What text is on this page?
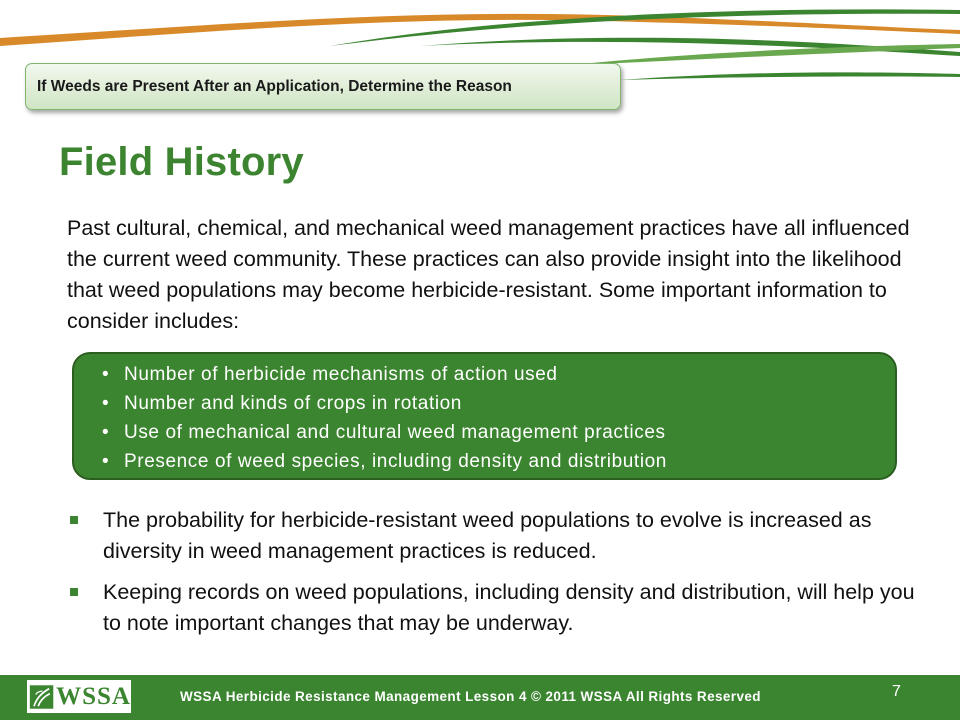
If Weeds are Present After an Application, Determine the Reason
Field History

Past cultural, chemical, and mechanical weed management practices have all influenced the current weed community. These practices can also provide insight into the likelihood that weed populations may become herbicide-resistant. Some important information to consider includes:

• Number of herbicide mechanisms of action used
• Number and kinds of crops in rotation
• Use of mechanical and cultural weed management practices
• Presence of weed species, including density and distribution
The probability for herbicide-resistant weed populations to evolve is increased as diversity in weed management practices is reduced.
Keeping records on weed populations, including density and distribution, will help you to note important changes that may be underway.
WSSA	WSSA Herbicide Resistance Management Lesson 4 © 2011 WSSA All Rights Reserved	7
